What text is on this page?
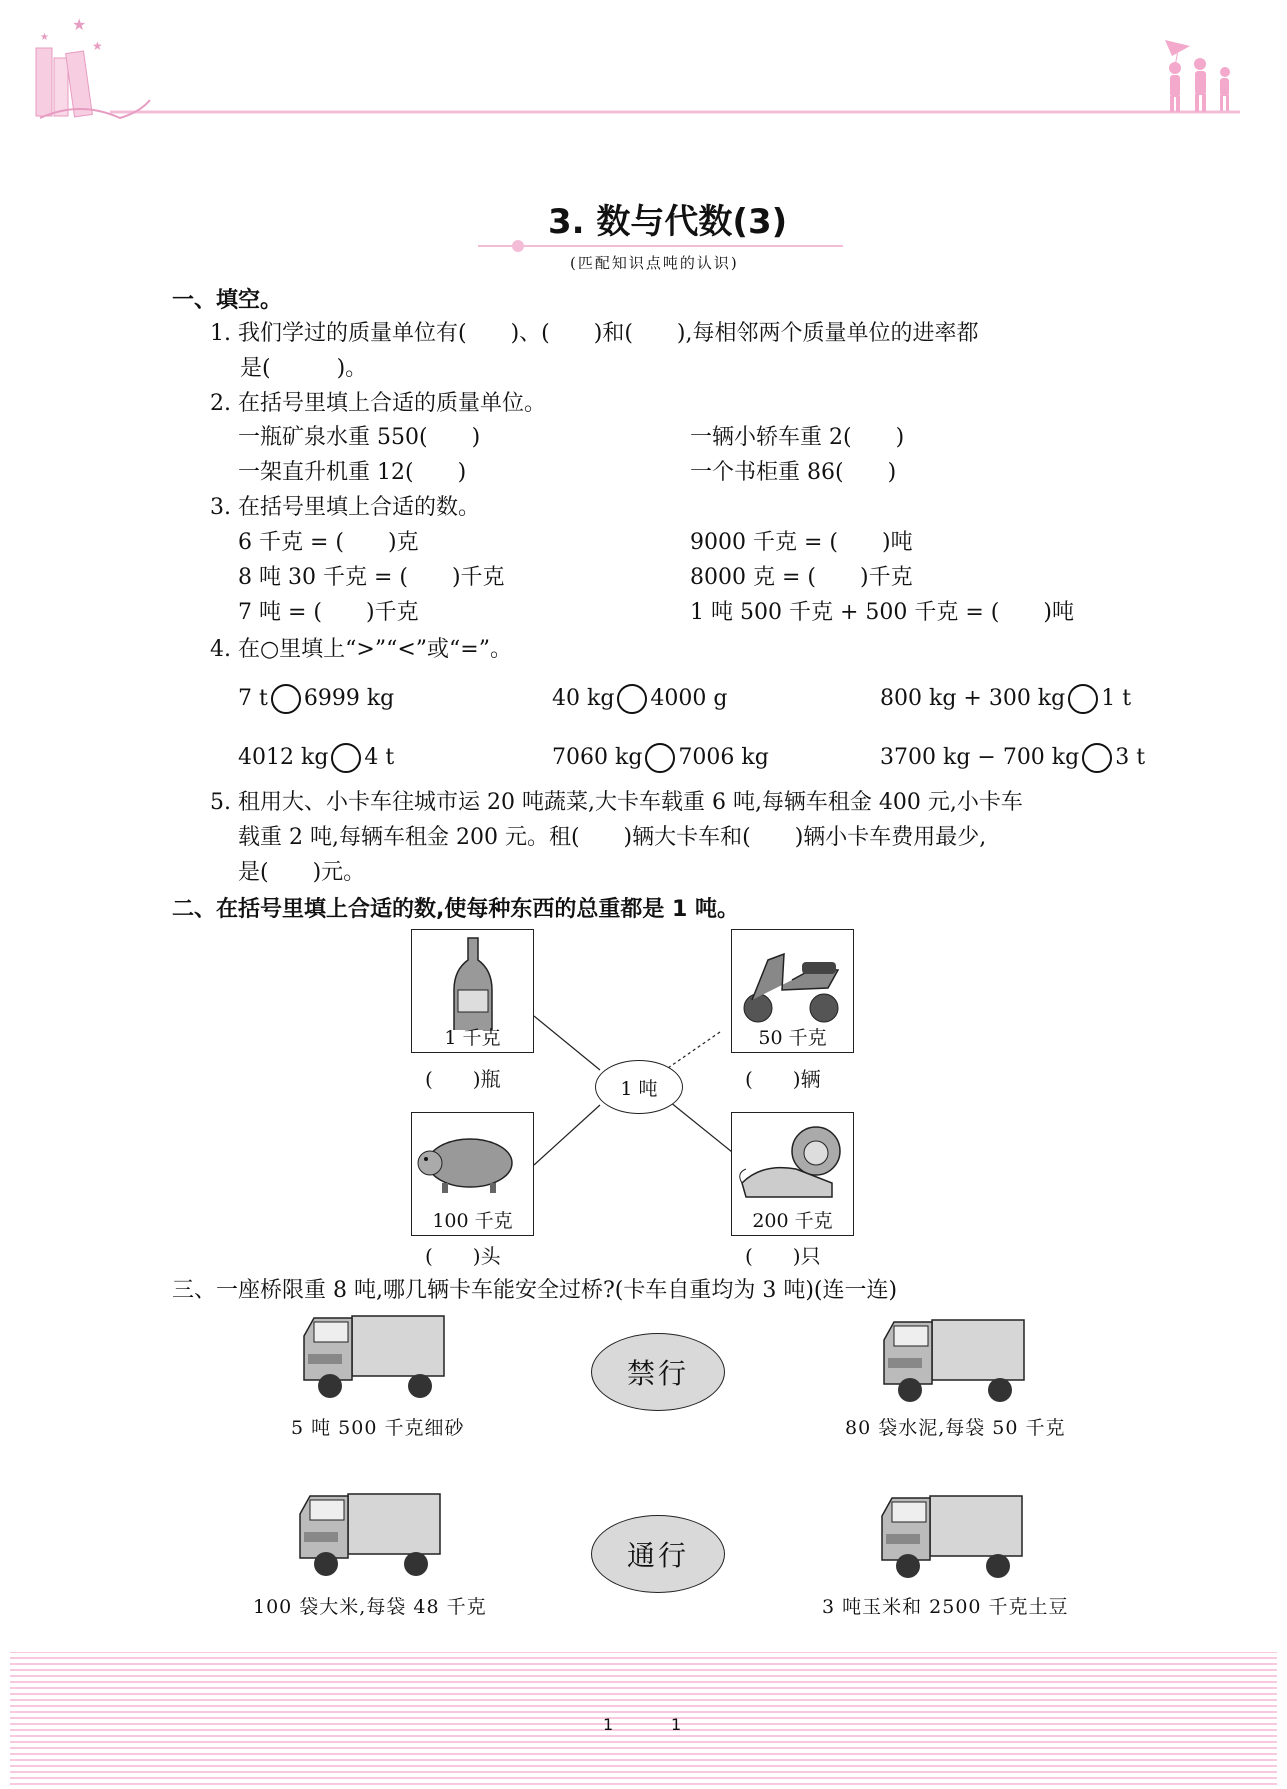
★
★
★
3. 数与代数(3)
(匹配知识点吨的认识)
一、填空。
1. 我们学过的质量单位有(　　)、(　　)和(　　),每相邻两个质量单位的进率都
是(　　　)。
2. 在括号里填上合适的质量单位。
一瓶矿泉水重 550(　　)	一辆小轿车重 2(　　)
一架直升机重 12(　　)	一个书柜重 86(　　)
3. 在括号里填上合适的数。
6 千克 = (　　)克	9000 千克 = (　　)吨
8 吨 30 千克 = (　　)千克	8000 克 = (　　)千克
7 吨 = (　　)千克	1 吨 500 千克 + 500 千克 = (　　)吨
4. 在○里填上“>”“<”或“=”。
7 t 6999 kg	40 kg 4000 g	800 kg + 300 kg 1 t
4012 kg 4 t	7060 kg 7006 kg	3700 kg − 700 kg 3 t
5. 租用大、小卡车往城市运 20 吨蔬菜,大卡车载重 6 吨,每辆车租金 400 元,小卡车
载重 2 吨,每辆车租金 200 元。租(　　)辆大卡车和(　　)辆小卡车费用最少,
是(　　)元。
二、在括号里填上合适的数,使每种东西的总重都是 1 吨。
1 千克
(　　)瓶
50 千克
(　　)辆
1 吨
100 千克
(　　)头
200 千克
(　　)只
三、一座桥限重 8 吨,哪几辆卡车能安全过桥?(卡车自重均为 3 吨)(连一连)
5 吨 500 千克细砂
禁行
80 袋水泥,每袋 50 千克
100 袋大米,每袋 48 千克
通行
3 吨玉米和 2500 千克土豆
1	1
